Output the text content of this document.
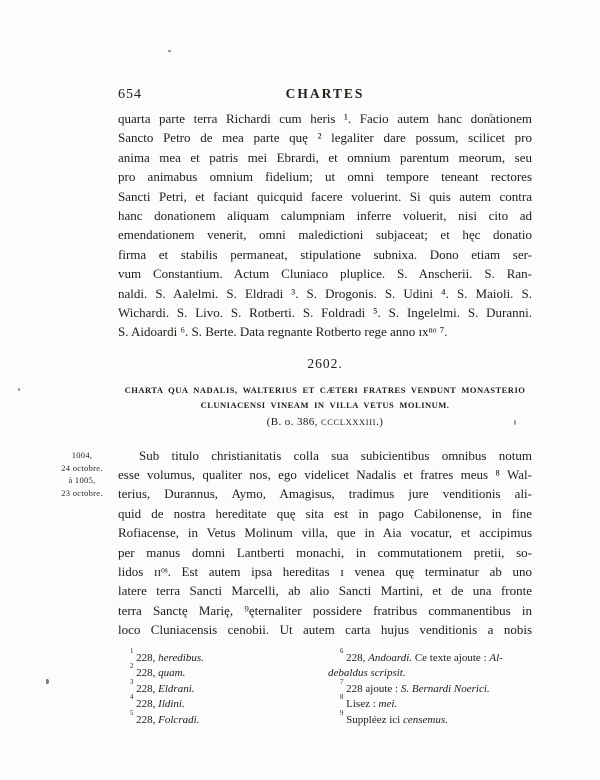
1004,
24 octobre.
à 1005,
23 octobre.
654	CHARTES
quarta parte terra Richardi cum heris ¹. Facio autem hanc donationem
Sancto Petro de mea parte quę ² legaliter dare possum, scilicet pro
anima mea et patris mei Ebrardi, et omnium parentum meorum, seu
pro animabus omnium fidelium; ut omni tempore teneant rectores
Sancti Petri, et faciant quicquid facere voluerint. Si quis autem contra
hanc donationem aliquam calumpniam inferre voluerit, nisi cito ad
emendationem venerit, omni maledictioni subjaceat; et hęc donatio
firma et stabilis permaneat, stipulatione subnixa. Dono etiam ser-
vum Constantium. Actum Cluniaco pluplice. S. Anscherii. S. Ran-
naldi. S. Aalelmi. S. Eldradi ³. S. Drogonis. S. Udini ⁴. S. Maioli. S.
Wichardi. S. Livo. S. Rotberti. S. Foldradi ⁵. S. Ingelelmi. S. Duranni.
S. Aidoardi ⁶. S. Berte. Data regnante Rotberto rege anno ɪxⁿᵒ ⁷.
2602.
CHARTA QUA NADALIS, WALTERIUS ET CÆTERI FRATRES VENDUNT MONASTERIO
CLUNIACENSI VINEAM IN VILLA VETUS MOLINUM.
(B. o. 386, CCCLXXXIII.)
Sub titulo christianitatis colla sua subicientibus omnibus notum
esse volumus, qualiter nos, ego videlicet Nadalis et fratres meus ⁸ Wal-
terius, Durannus, Aymo, Amagisus, tradimus jure venditionis ali-
quid de nostra hereditate quę sita est in pago Cabilonense, in fine
Rofiacense, in Vetus Molinum villa, que in Aia vocatur, et accipimus
per manus domni Lantberti monachi, in commutationem pretii, so-
lidos ɪɪᵒˢ. Est autem ipsa hereditas ɪ venea quę terminatur ab uno
latere terra Sancti Marcelli, ab alio Sancti Martini, et de una fronte
terra Sanctę Marię, ⁹ęternaliter possidere fratribus commanentibus in
loco Cluniacensis cenobii. Ut autem carta hujus venditionis a nobis
$^1$ 228, heredibus.
$^2$ 228, quam.
$^3$ 228, Eldrani.
$^4$ 228, Ildini.
$^5$ 228, Folcradi.
$^6$ 228, Andoardi. Ce texte ajoute : Al-
debaldus scripsit.
$^7$ 228 ajoute : S. Bernardi Noerici.
$^8$ Lisez : mei.
$^9$ Suppléez ici censemus.
